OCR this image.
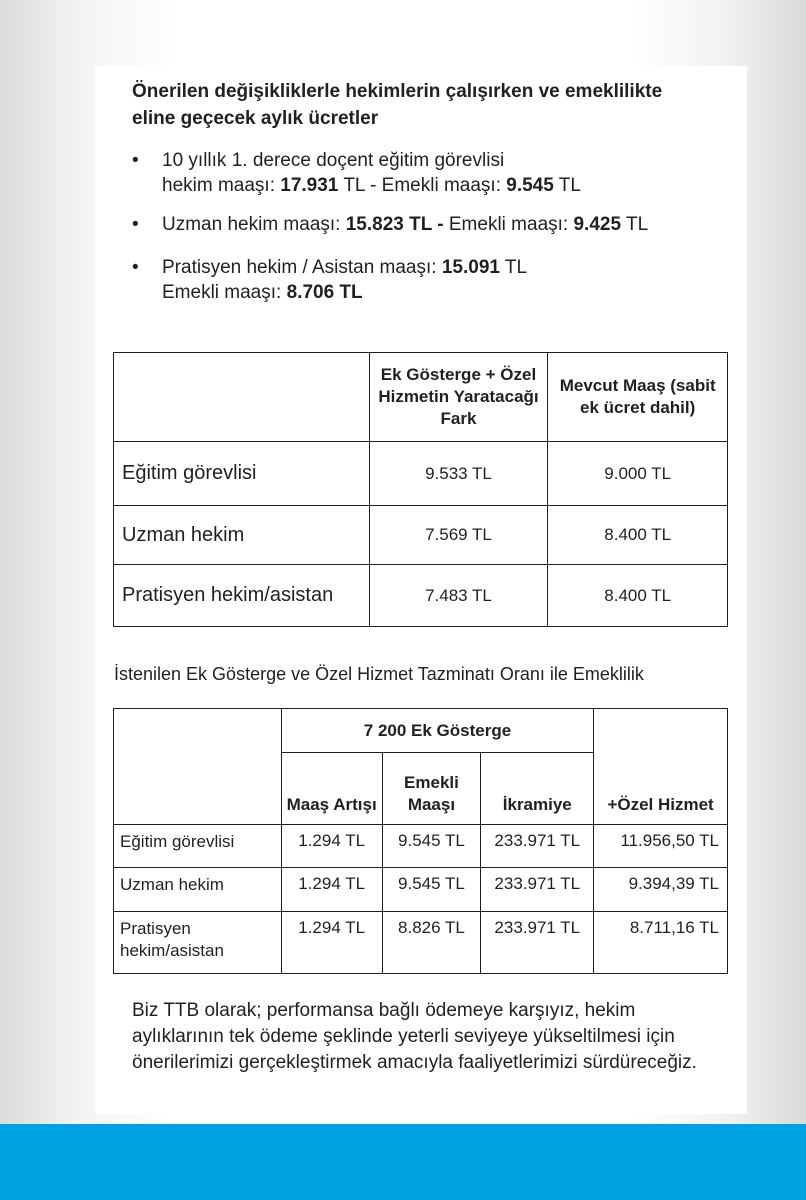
Önerilen değişikliklerle hekimlerin çalışırken ve emeklilikte eline geçecek aylık ücretler
• 10 yıllık 1. derece doçent eğitim görevlisi
hekim maaşı: 17.931 TL - Emekli maaşı: 9.545 TL
• Uzman hekim maaşı: 15.823 TL - Emekli maaşı: 9.425 TL
• Pratisyen hekim / Asistan maaşı: 15.091 TL
Emekli maaşı: 8.706 TL
	Ek Gösterge + Özel Hizmetin Yaratacağı Fark	Mevcut Maaş (sabit ek ücret dahil)
Eğitim görevlisi	9.533 TL	9.000 TL
Uzman hekim	7.569 TL	8.400 TL
Pratisyen hekim/asistan	7.483 TL	8.400 TL

İstenilen Ek Gösterge ve Özel Hizmet Tazminatı Oranı ile Emeklilik

	7 200 Ek Gösterge			+Özel Hizmet
	Maaş Artışı	Emekli Maaşı	İkramiye	
Eğitim görevlisi	1.294 TL	9.545 TL	233.971 TL	11.956,50 TL
Uzman hekim	1.294 TL	9.545 TL	233.971 TL	9.394,39 TL
Pratisyen hekim/asistan	1.294 TL	8.826 TL	233.971 TL	8.711,16 TL

Biz TTB olarak; performansa bağlı ödemeye karşıyız, hekim aylıklarının tek ödeme şeklinde yeterli seviyeye yükseltilmesi için önerilerimizi gerçekleştirmek amacıyla faaliyetlerimizi sürdüreceğiz.
